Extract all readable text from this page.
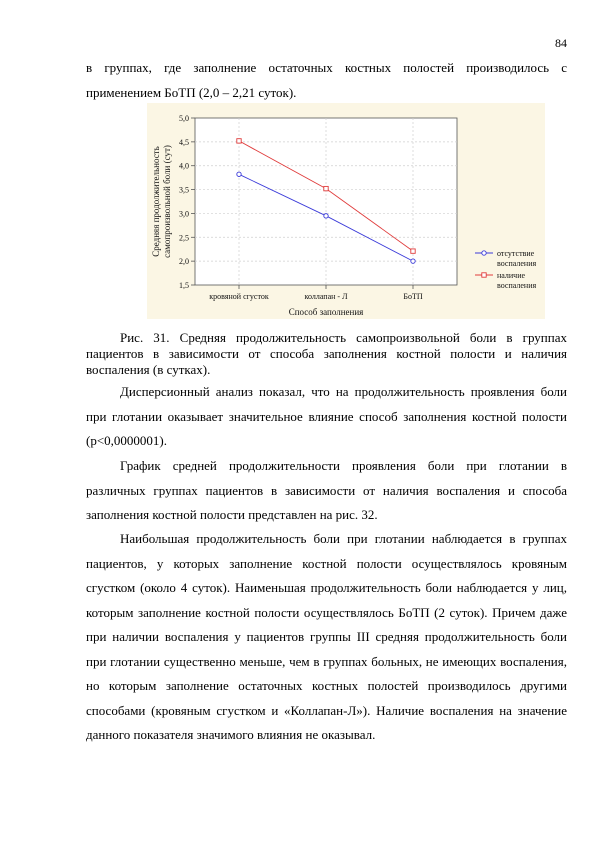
84

в группах, где заполнение остаточных костных полостей производилось с применением БоТП (2,0 – 2,21 суток).

1,5
2,0
2,5
3,0
3,5
4,0
4,5
5,0
кровяной сгусток	коллапан - Л	БоТП
Способ заполнения
Средняя продолжительность самопроизвольной боли (сут)	отсутствие воспаления
наличие воспаления

Рис. 31. Средняя продолжительность самопроизвольной боли в группах пациентов в зависимости от способа заполнения костной полости и наличия воспаления (в сутках).

Дисперсионный анализ показал, что на продолжительность проявления боли при глотании оказывает значительное влияние способ заполнения костной полости (p<0,0000001).

График средней продолжительности проявления боли при глотании в различных группах пациентов в зависимости от наличия воспаления и способа заполнения костной полости представлен на рис. 32.

Наибольшая продолжительность боли при глотании наблюдается в группах пациентов, у которых заполнение костной полости осуществлялось кровяным сгустком (около 4 суток). Наименьшая продолжительность боли наблюдается у лиц, которым заполнение костной полости осуществлялось БоТП (2 суток). Причем даже при наличии воспаления у пациентов группы III средняя продолжительность боли при глотании существенно меньше, чем в группах больных, не имеющих воспаления, но которым заполнение остаточных костных полостей производилось другими способами (кровяным сгустком и «Коллапан-Л»). Наличие воспаления на значение данного показателя значимого влияния не оказывал.
